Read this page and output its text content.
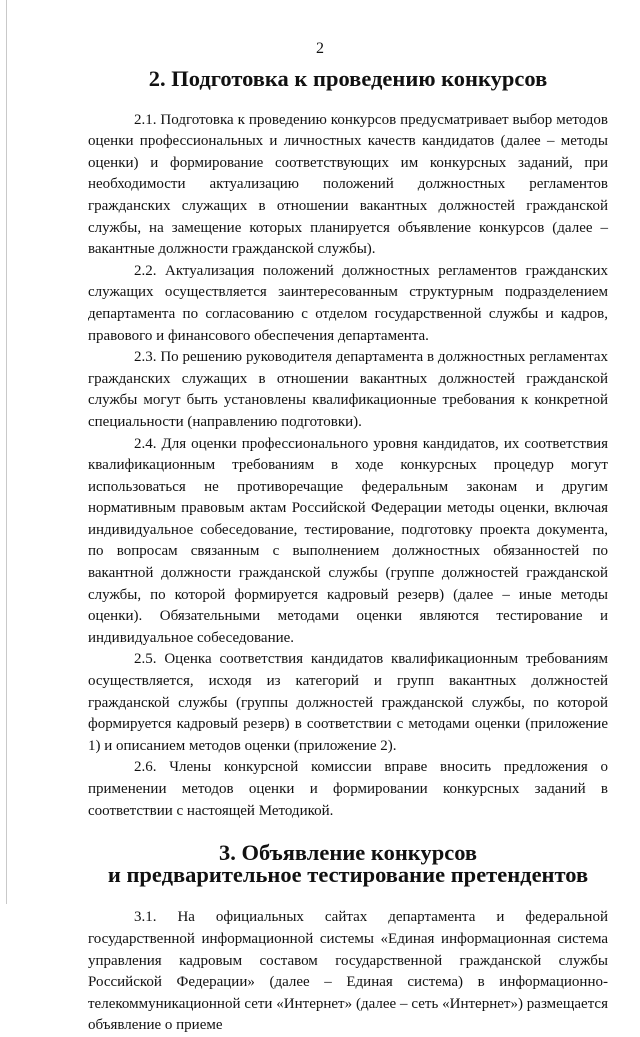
2
2. Подготовка к проведению конкурсов

2.1. Подготовка к проведению конкурсов предусматривает выбор методов оценки профессиональных и личностных качеств кандидатов (далее – методы оценки) и формирование соответствующих им конкурсных заданий, при необходимости актуализацию положений должностных регламентов гражданских служащих в отношении вакантных должностей гражданской службы, на замещение которых планируется объявление конкурсов (далее – вакантные должности гражданской службы).

2.2. Актуализация положений должностных регламентов гражданских служащих осуществляется заинтересованным структурным подразделением департамента по согласованию с отделом государственной службы и кадров, правового и финансового обеспечения департамента.

2.3. По решению руководителя департамента в должностных регламентах гражданских служащих в отношении вакантных должностей гражданской службы могут быть установлены квалификационные требования к конкретной специальности (направлению подготовки).

2.4. Для оценки профессионального уровня кандидатов, их соответствия квалификационным требованиям в ходе конкурсных процедур могут использоваться не противоречащие федеральным законам и другим нормативным правовым актам Российской Федерации методы оценки, включая индивидуальное собеседование, тестирование, подготовку проекта документа, по вопросам связанным с выполнением должностных обязанностей по вакантной должности гражданской службы (группе должностей гражданской службы, по которой формируется кадровый резерв) (далее – иные методы оценки). Обязательными методами оценки являются тестирование и индивидуальное собеседование.

2.5. Оценка соответствия кандидатов квалификационным требованиям осуществляется, исходя из категорий и групп вакантных должностей гражданской службы (группы должностей гражданской службы, по которой формируется кадровый резерв) в соответствии с методами оценки (приложение 1) и описанием методов оценки (приложение 2).

2.6. Члены конкурсной комиссии вправе вносить предложения о применении методов оценки и формировании конкурсных заданий в соответствии с настоящей Методикой.

3. Объявление конкурсов
и предварительное тестирование претендентов

3.1. На официальных сайтах департамента и федеральной государственной информационной системы «Единая информационная система управления кадровым составом государственной гражданской службы Российской Федерации» (далее – Единая система) в информационно-телекоммуникационной сети «Интернет» (далее – сеть «Интернет») размещается объявление о приеме
